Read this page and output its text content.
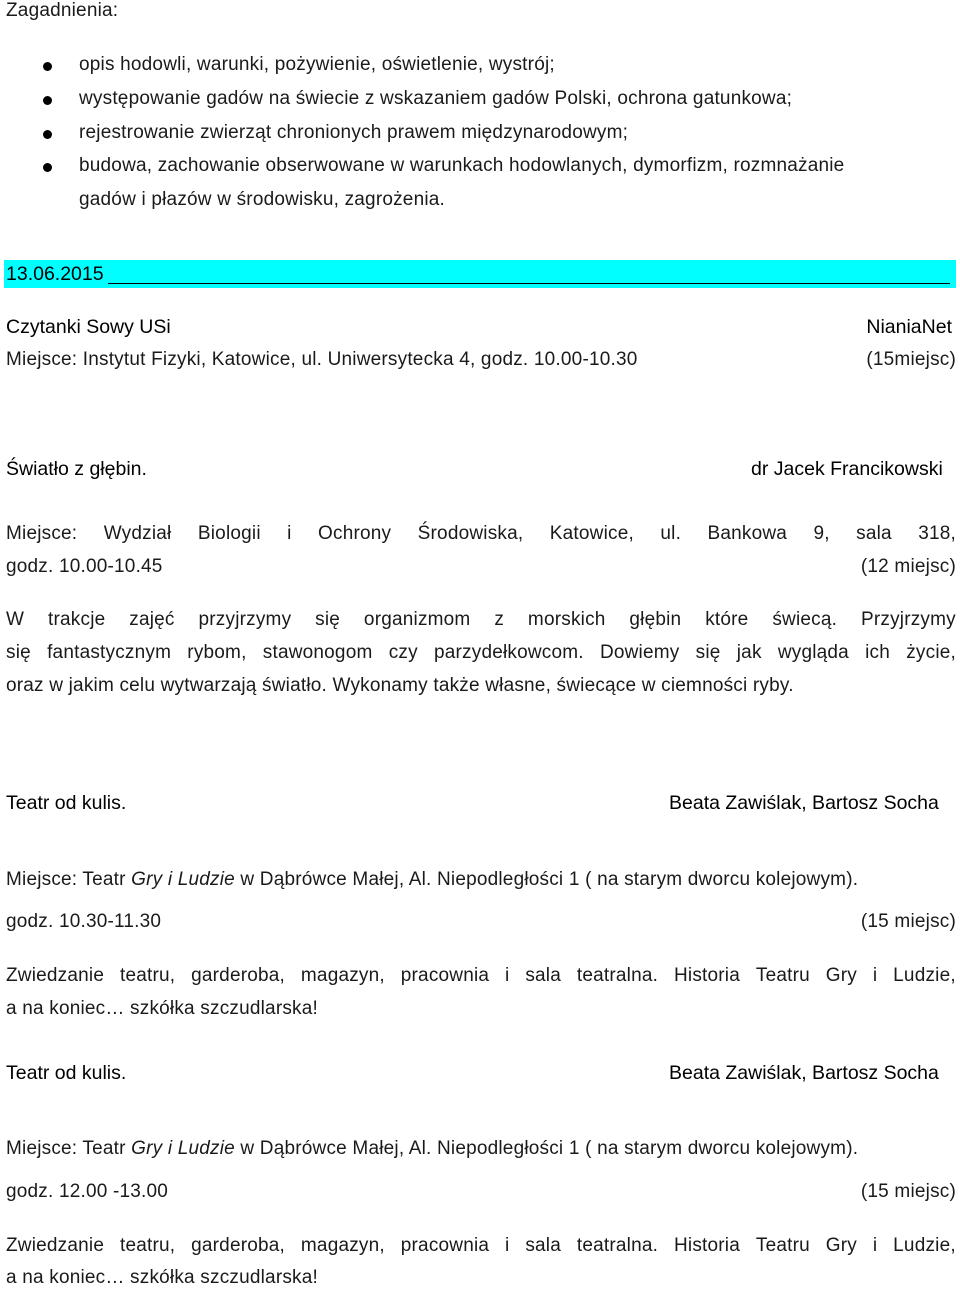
Zagadnienia:
opis hodowli, warunki, pożywienie, oświetlenie, wystrój;
występowanie gadów na świecie z wskazaniem gadów Polski, ochrona gatunkowa;
rejestrowanie zwierząt chronionych prawem międzynarodowym;
budowa, zachowanie obserwowane w warunkach hodowlanych, dymorfizm, rozmnażanie
gadów i płazów w środowisku, zagrożenia.
13.06.2015
Czytanki Sowy USi	NianiaNet
Miejsce: Instytut Fizyki, Katowice, ul. Uniwersytecka 4, godz. 10.00-10.30	(15miejsc)
Światło z głębin.	dr Jacek Francikowski
Miejsce: Wydział Biologii i Ochrony Środowiska, Katowice, ul. Bankowa 9, sala 318,
godz. 10.00-10.45	(12 miejsc)
W trakcje zajęć przyjrzymy się organizmom z morskich głębin które świecą. Przyjrzymy
się fantastycznym rybom, stawonogom czy parzydełkowcom. Dowiemy się jak wygląda ich życie,
oraz w jakim celu wytwarzają światło. Wykonamy także własne, świecące w ciemności ryby.
Teatr od kulis.	Beata Zawiślak, Bartosz Socha
Miejsce: Teatr Gry i Ludzie w Dąbrówce Małej, Al. Niepodległości 1 ( na starym dworcu kolejowym).
godz. 10.30-11.30	(15 miejsc)
Zwiedzanie teatru, garderoba, magazyn, pracownia i sala teatralna. Historia Teatru Gry i Ludzie,
a na koniec… szkółka szczudlarska!
Teatr od kulis.	Beata Zawiślak, Bartosz Socha
Miejsce: Teatr Gry i Ludzie w Dąbrówce Małej, Al. Niepodległości 1 ( na starym dworcu kolejowym).
godz. 12.00 -13.00	(15 miejsc)
Zwiedzanie teatru, garderoba, magazyn, pracownia i sala teatralna. Historia Teatru Gry i Ludzie,
a na koniec… szkółka szczudlarska!
